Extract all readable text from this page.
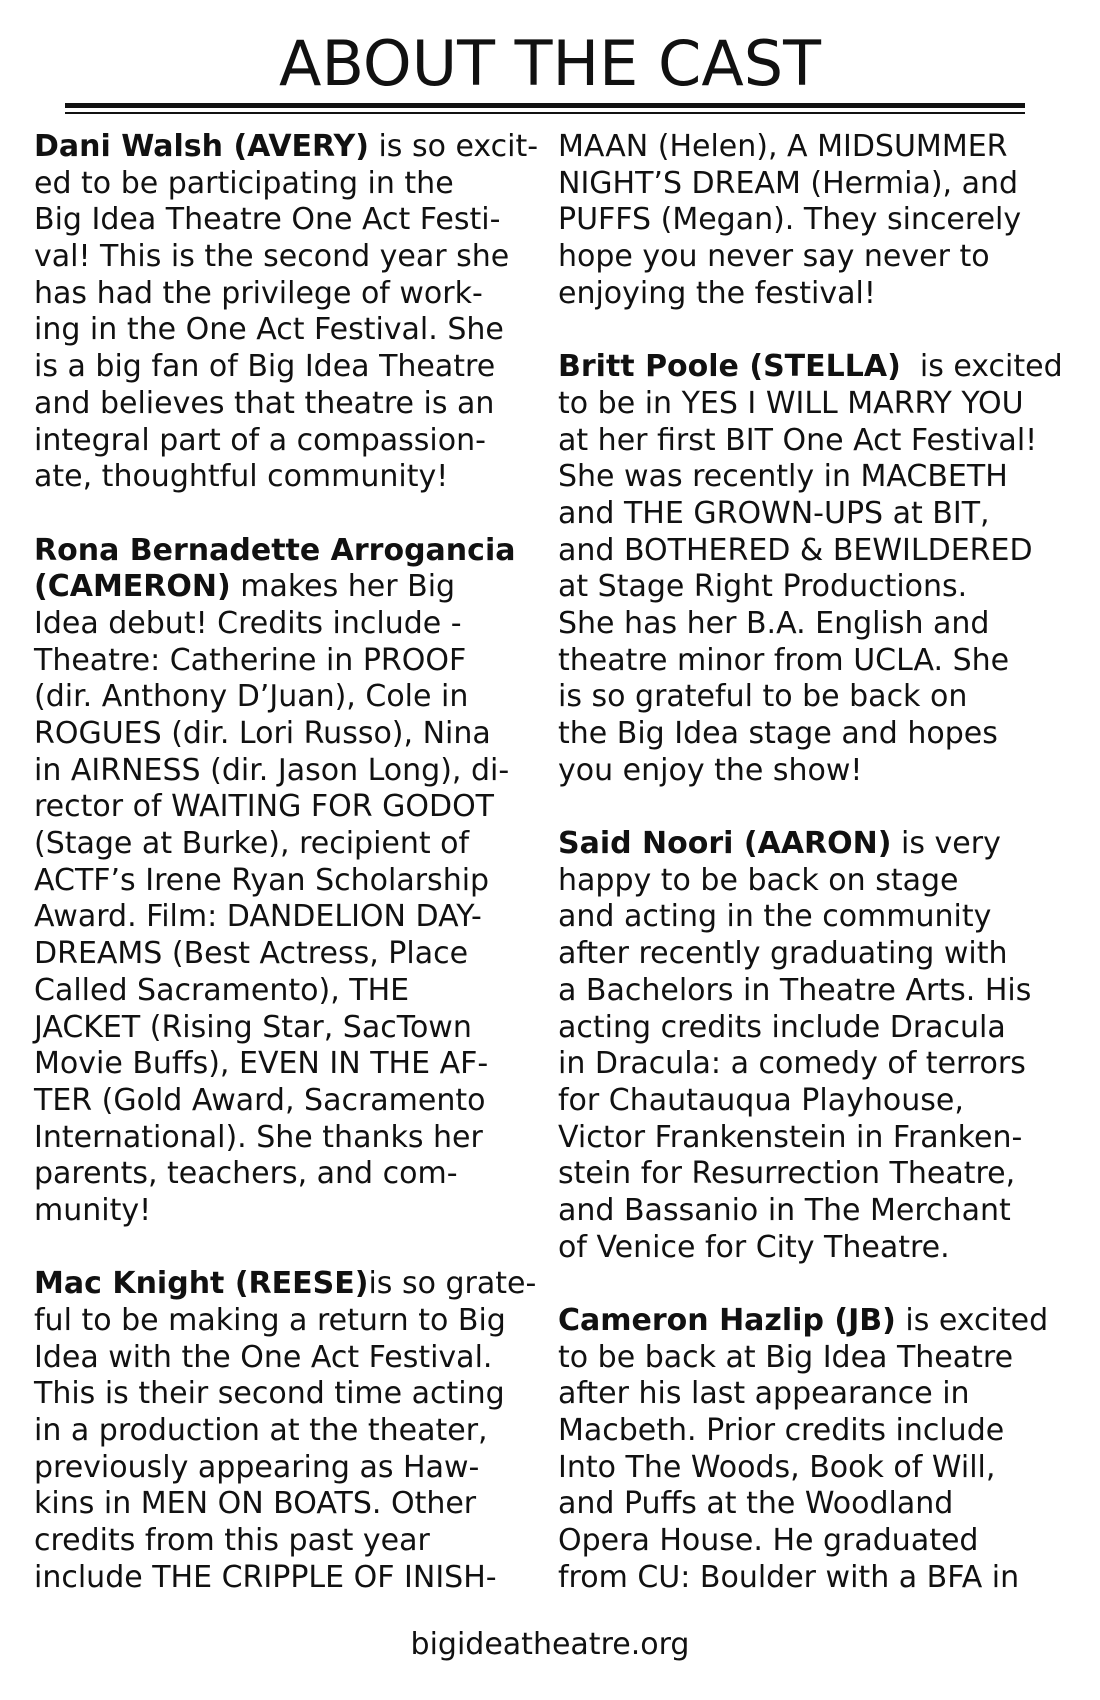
ABOUT THE CAST
Dani Walsh (AVERY) is so excit-
ed to be participating in the
Big Idea Theatre One Act Festi-
val! This is the second year she
has had the privilege of work-
ing in the One Act Festival. She
is a big fan of Big Idea Theatre
and believes that theatre is an
integral part of a compassion-
ate, thoughtful community!
Rona Bernadette Arrogancia
(CAMERON) makes her Big
Idea debut! Credits include -
Theatre: Catherine in PROOF
(dir. Anthony D’Juan), Cole in
ROGUES (dir. Lori Russo), Nina
in AIRNESS (dir. Jason Long), di-
rector of WAITING FOR GODOT
(Stage at Burke), recipient of
ACTF’s Irene Ryan Scholarship
Award. Film: DANDELION DAY-
DREAMS (Best Actress, Place
Called Sacramento), THE
JACKET (Rising Star, SacTown
Movie Buffs), EVEN IN THE AF-
TER (Gold Award, Sacramento
International). She thanks her
parents, teachers, and com-
munity!
Mac Knight (REESE)is so grate-
ful to be making a return to Big
Idea with the One Act Festival.
This is their second time acting
in a production at the theater,
previously appearing as Haw-
kins in MEN ON BOATS. Other
credits from this past year
include THE CRIPPLE OF INISH-
MAAN (Helen), A MIDSUMMER
NIGHT’S DREAM (Hermia), and
PUFFS (Megan). They sincerely
hope you never say never to
enjoying the festival!
Britt Poole (STELLA)  is excited
to be in YES I WILL MARRY YOU
at her first BIT One Act Festival!
She was recently in MACBETH
and THE GROWN-UPS at BIT,
and BOTHERED & BEWILDERED
at Stage Right Productions.
She has her B.A. English and
theatre minor from UCLA. She
is so grateful to be back on
the Big Idea stage and hopes
you enjoy the show!
Said Noori (AARON) is very
happy to be back on stage
and acting in the community
after recently graduating with
a Bachelors in Theatre Arts. His
acting credits include Dracula
in Dracula: a comedy of terrors
for Chautauqua Playhouse,
Victor Frankenstein in Franken-
stein for Resurrection Theatre,
and Bassanio in The Merchant
of Venice for City Theatre.
Cameron Hazlip (JB) is excited
to be back at Big Idea Theatre
after his last appearance in
Macbeth. Prior credits include
Into The Woods, Book of Will,
and Puffs at the Woodland
Opera House. He graduated
from CU: Boulder with a BFA in
bigideatheatre.org
